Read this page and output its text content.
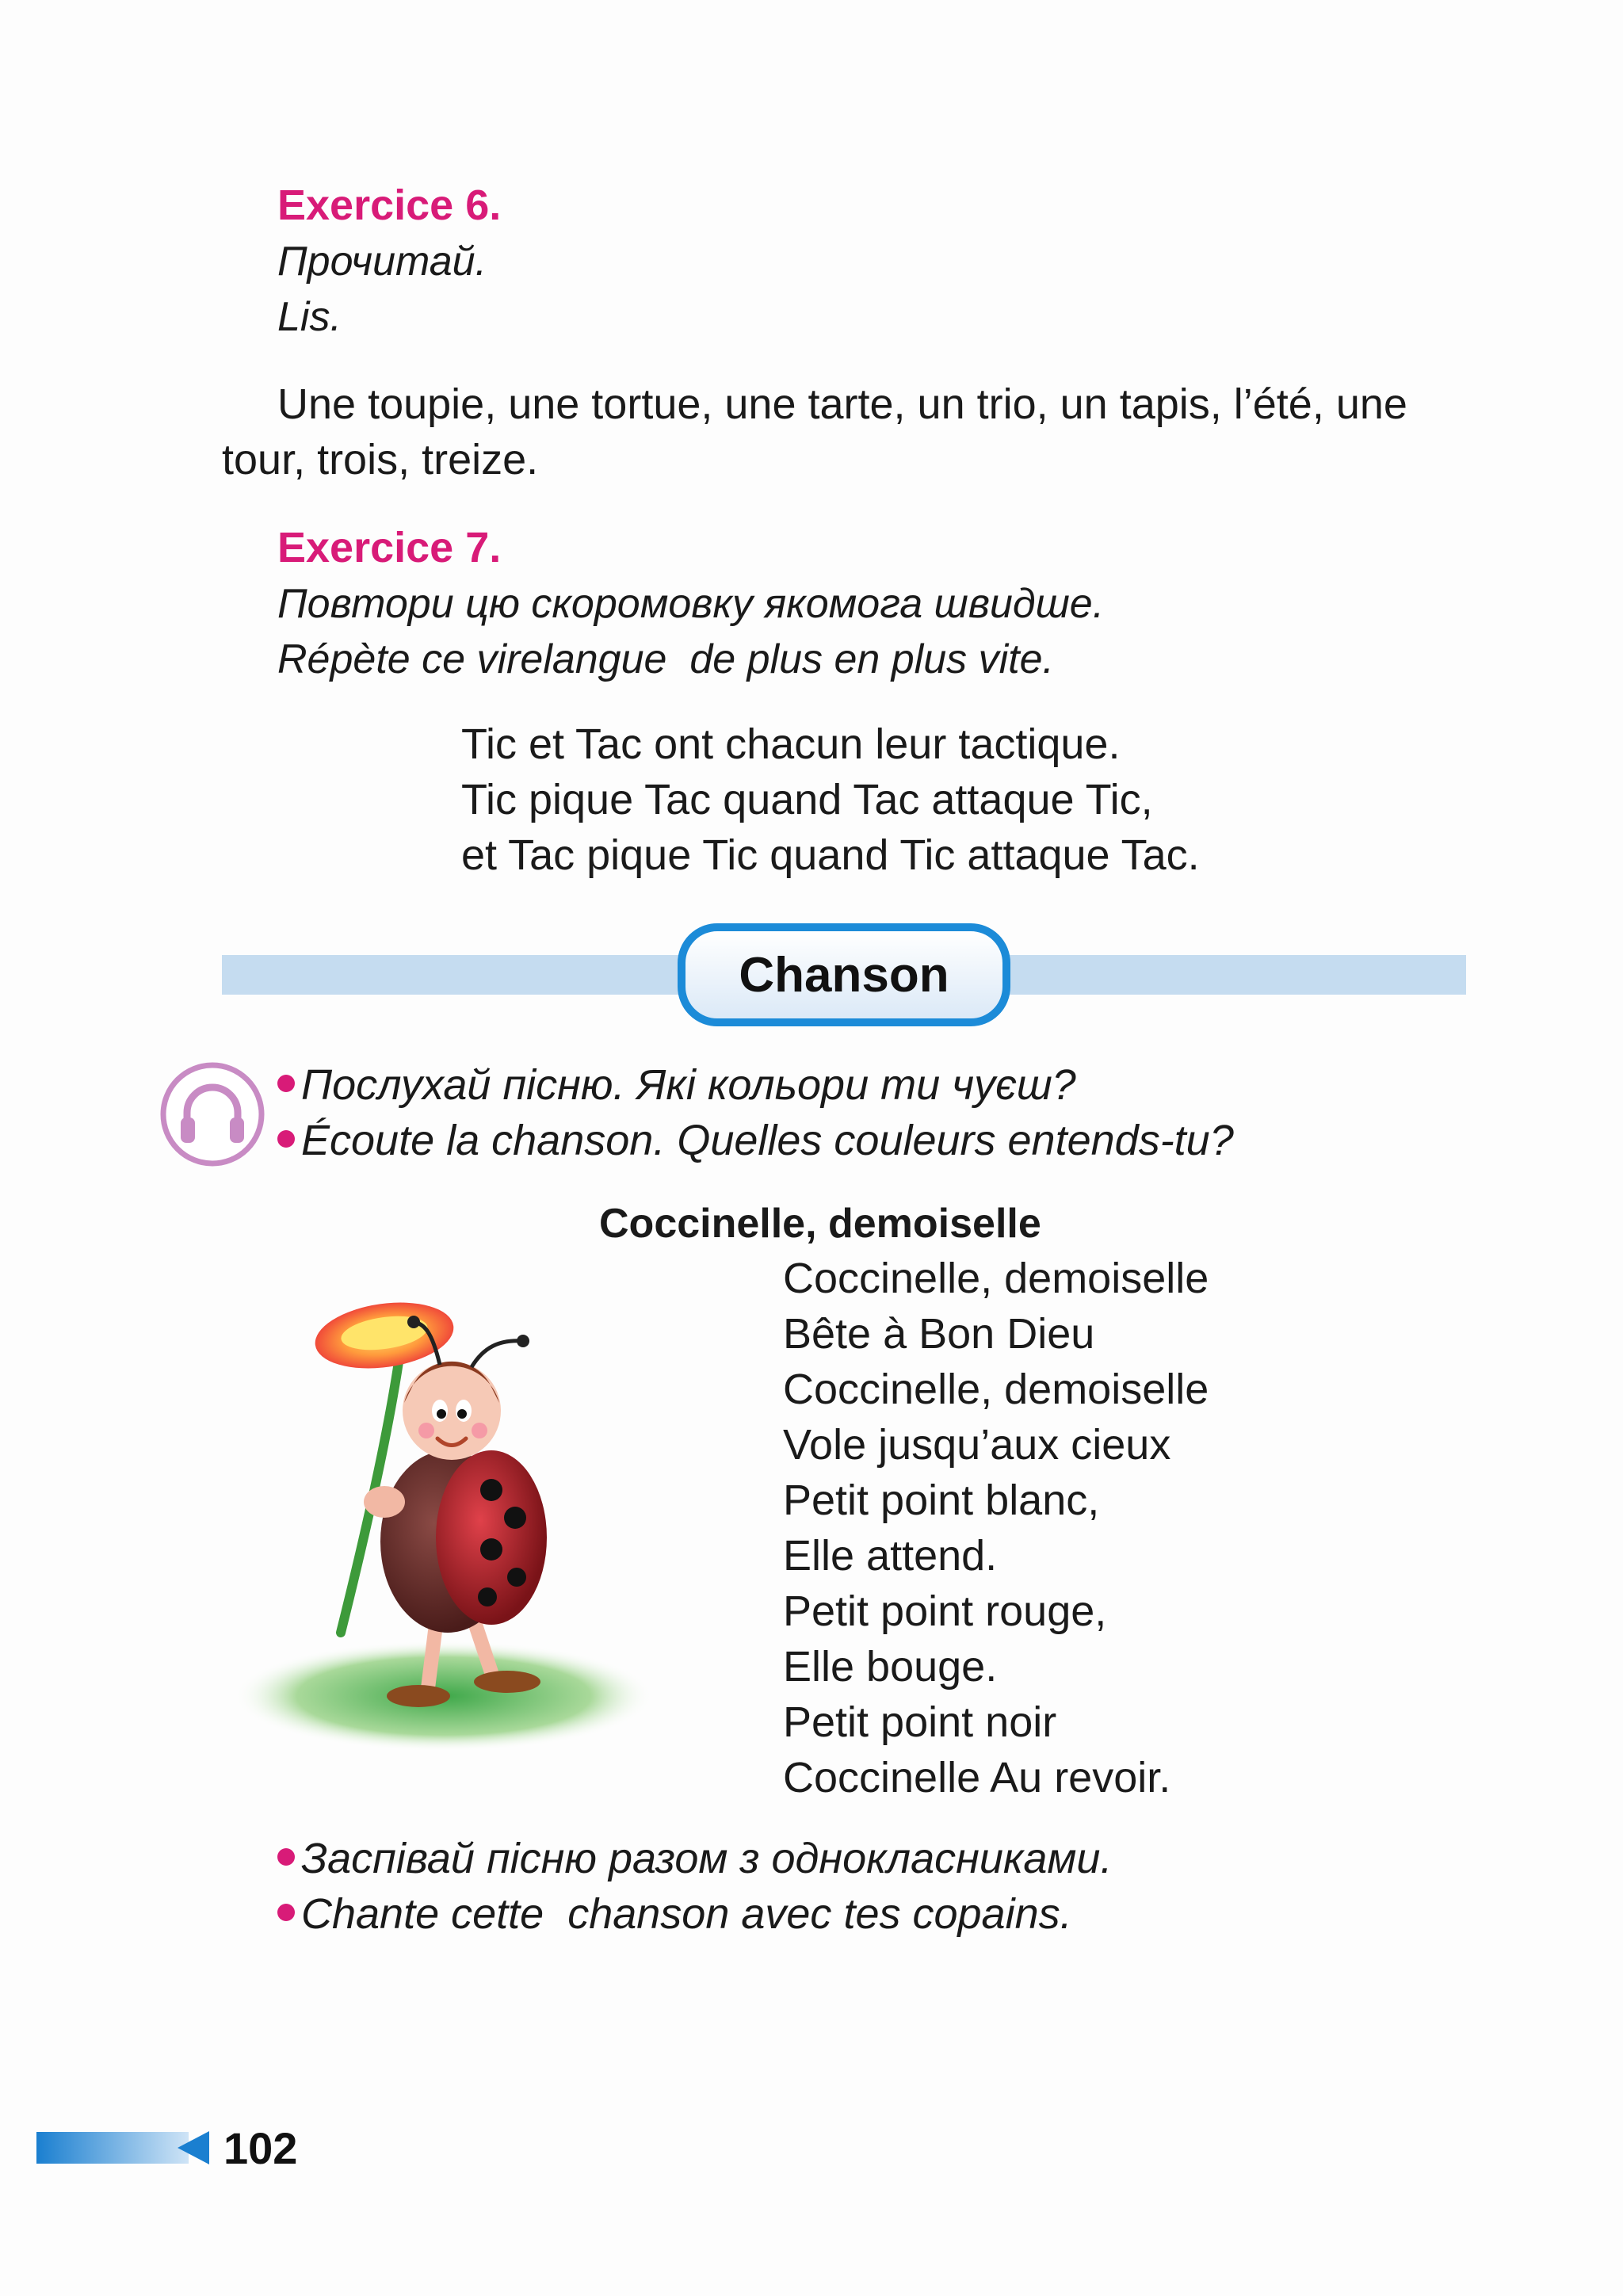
Exercice 6.
Прочитай.
Lis.
Une toupie, une tortue, une tarte, un trio, un tapis, l’été, une
tour, trois, treize.
Exercice 7.
Повтори цю скоромовку якомога швидше.
Répète ce virelangue  de plus en plus vite.
Tic et Tac ont chacun leur tactique.
Tic pique Tac quand Tac attaque Tic,
et Tac pique Tic quand Tic attaque Tac.
Chanson
Послухай пісню. Які кольори ти чуєш?
Écoute la chanson. Quelles couleurs entends-tu?
Coccinelle, demoiselle
Coccinelle, demoiselle
Bête à Bon Dieu
Coccinelle, demoiselle
Vole jusqu’aux cieux
Petit point blanc,
Elle attend.
Petit point rouge,
Elle bouge.
Petit point noir
Coccinelle Au revoir.
Заспівай пісню разом з однокласниками.
Chante cette  chanson avec tes copains.
102
